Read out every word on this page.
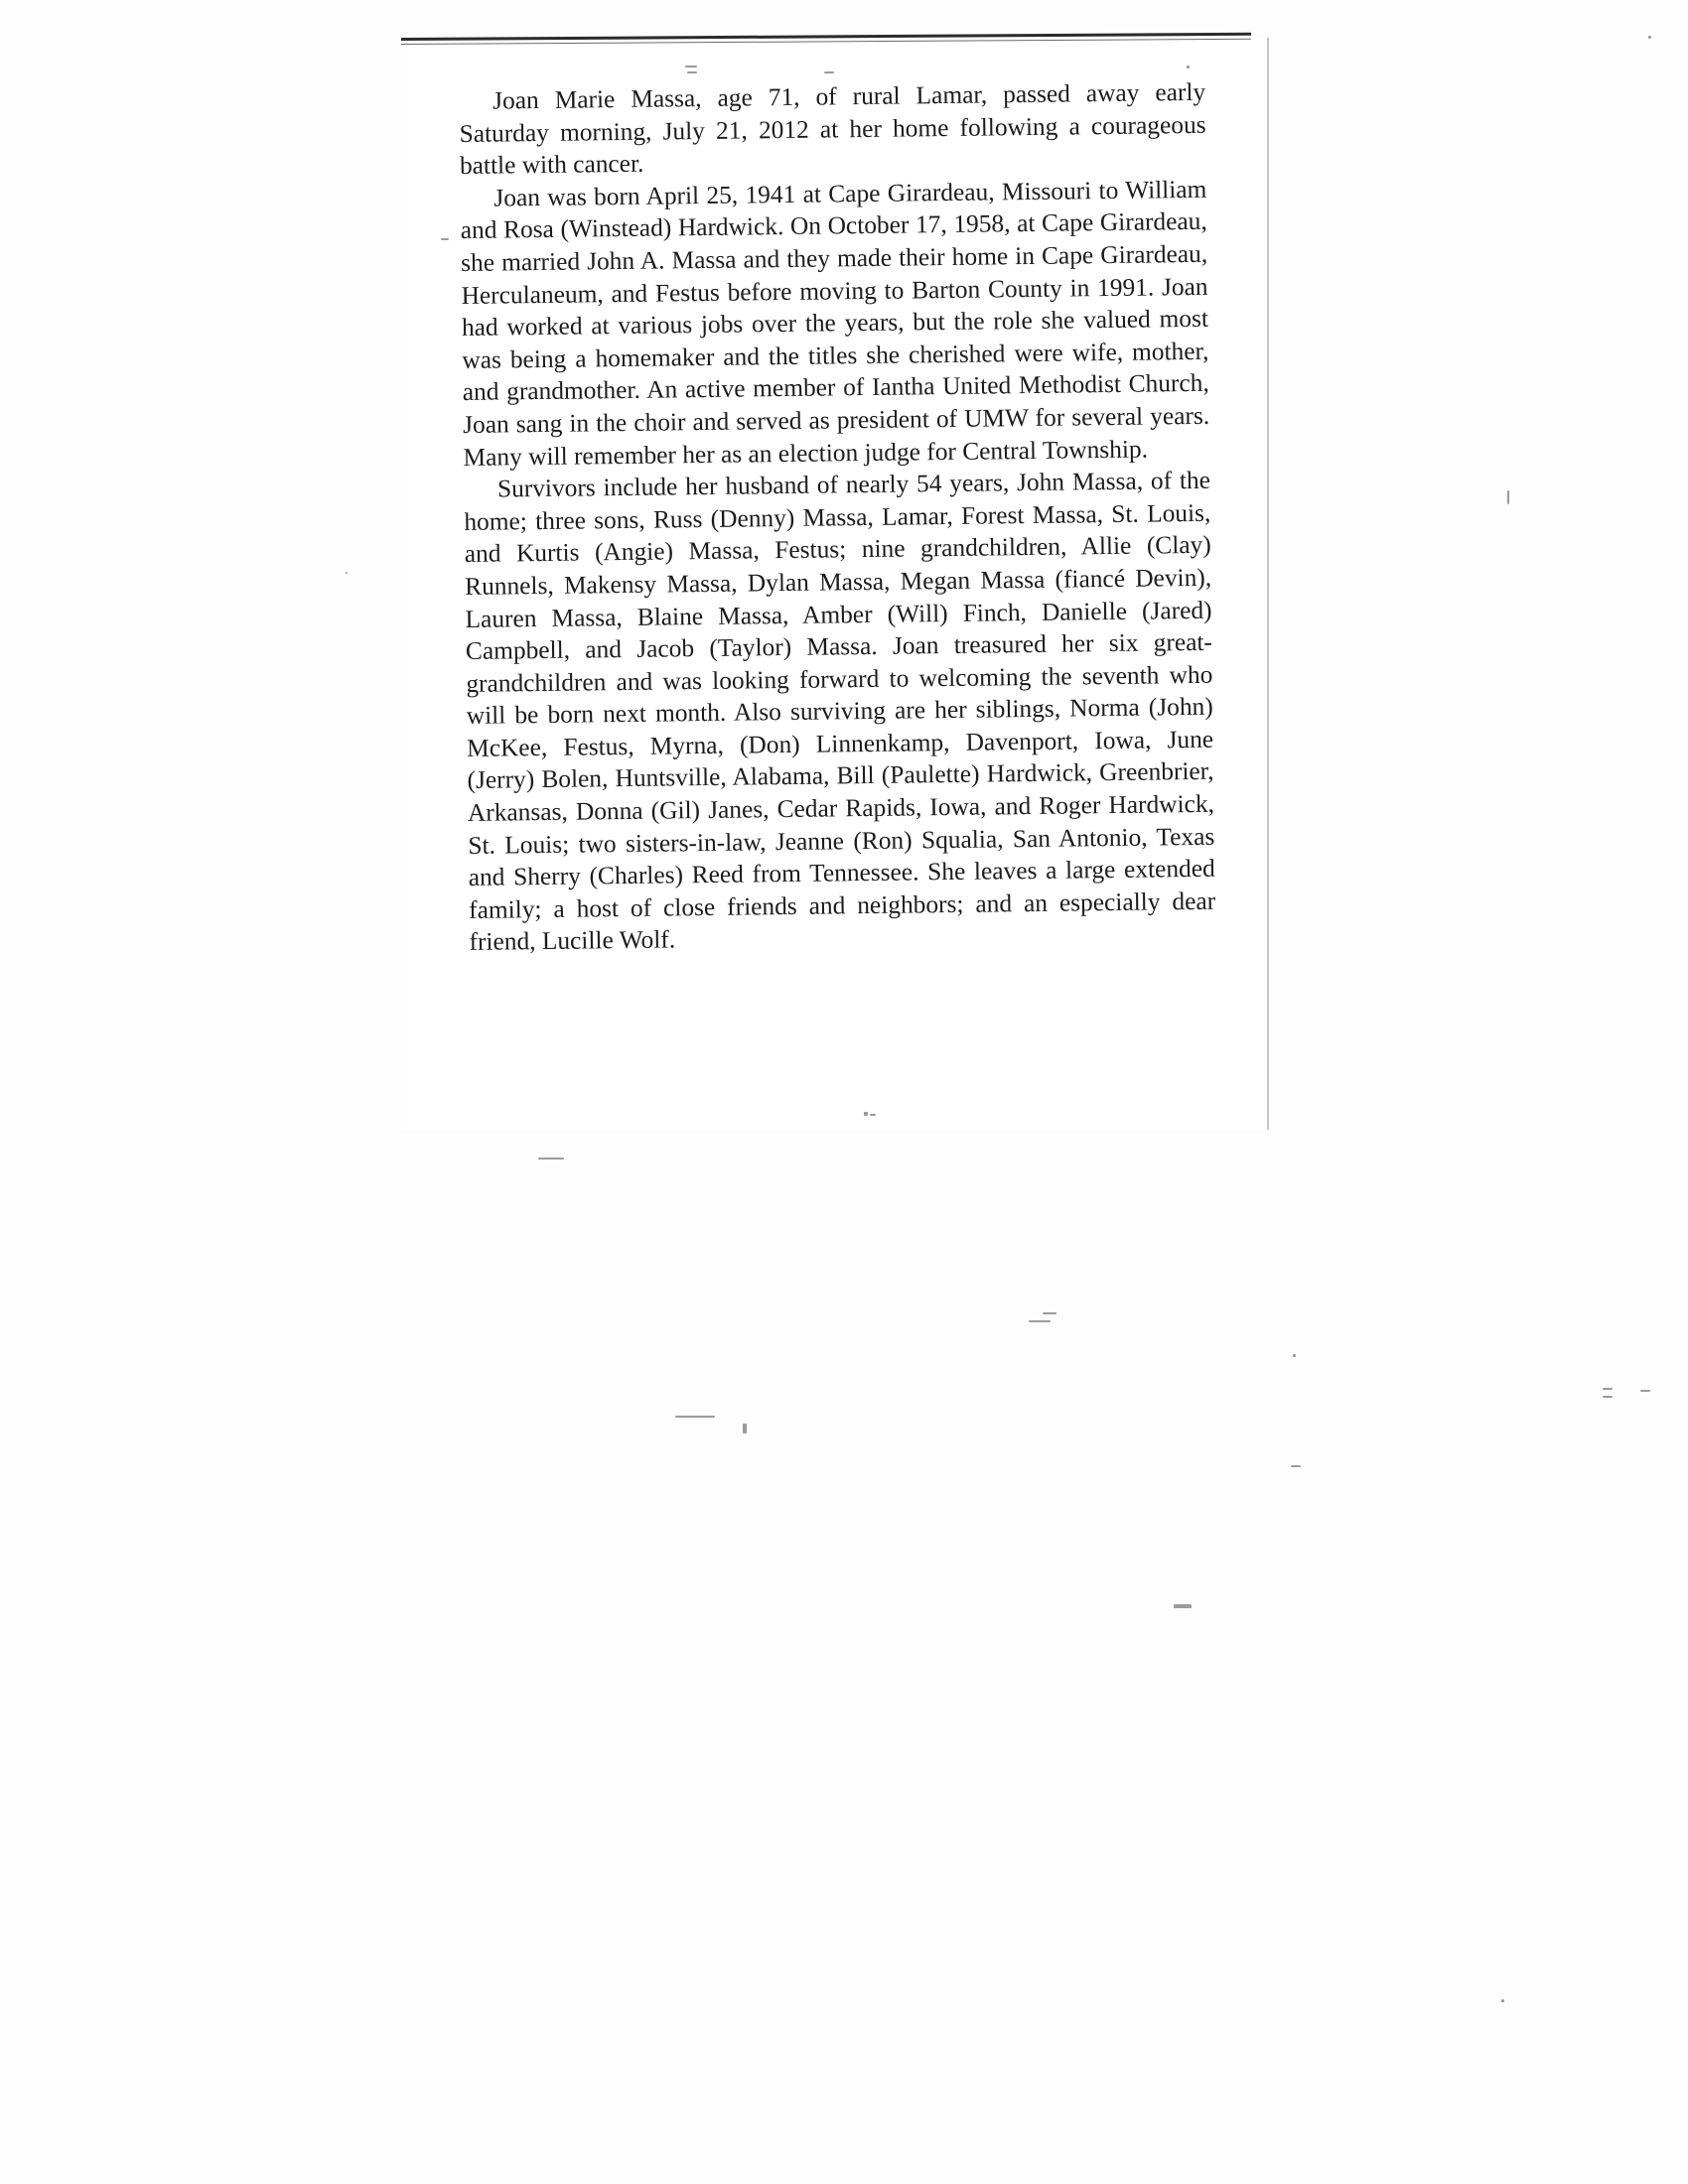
Joan Marie Massa, age 71, of rural Lamar, passed away early Saturday morning, July 21, 2012 at her home following a courageous battle with cancer.

Joan was born April 25, 1941 at Cape Girardeau, Missouri to William and Rosa (Winstead) Hardwick. On October 17, 1958, at Cape Girardeau, she married John A. Massa and they made their home in Cape Girardeau, Herculaneum, and Festus before moving to Barton County in 1991. Joan had worked at various jobs over the years, but the role she valued most was being a homemaker and the titles she cherished were wife, mother, and grandmother. An active member of Iantha United Methodist Church, Joan sang in the choir and served as president of UMW for several years. Many will remember her as an election judge for Central Township.

Survivors include her husband of nearly 54 years, John Massa, of the home; three sons, Russ (Denny) Massa, Lamar, Forest Massa, St. Louis, and Kurtis (Angie) Massa, Festus; nine grandchildren, Allie (Clay) Runnels, Makensy Massa, Dylan Massa, Megan Massa (fiancé Devin), Lauren Massa, Blaine Massa, Amber (Will) Finch, Danielle (Jared) Campbell, and Jacob (Taylor) Massa. Joan treasured her six great-grandchildren and was looking forward to welcoming the seventh who will be born next month. Also surviving are her siblings, Norma (John) McKee, Festus, Myrna, (Don) Linnenkamp, Davenport, Iowa, June (Jerry) Bolen, Huntsville, Alabama, Bill (Paulette) Hardwick, Greenbrier, Arkansas, Donna (Gil) Janes, Cedar Rapids, Iowa, and Roger Hardwick, St. Louis; two sisters-in-law, Jeanne (Ron) Squalia, San Antonio, Texas and Sherry (Charles) Reed from Tennessee. She leaves a large extended family; a host of close friends and neighbors; and an especially dear friend, Lucille Wolf.
